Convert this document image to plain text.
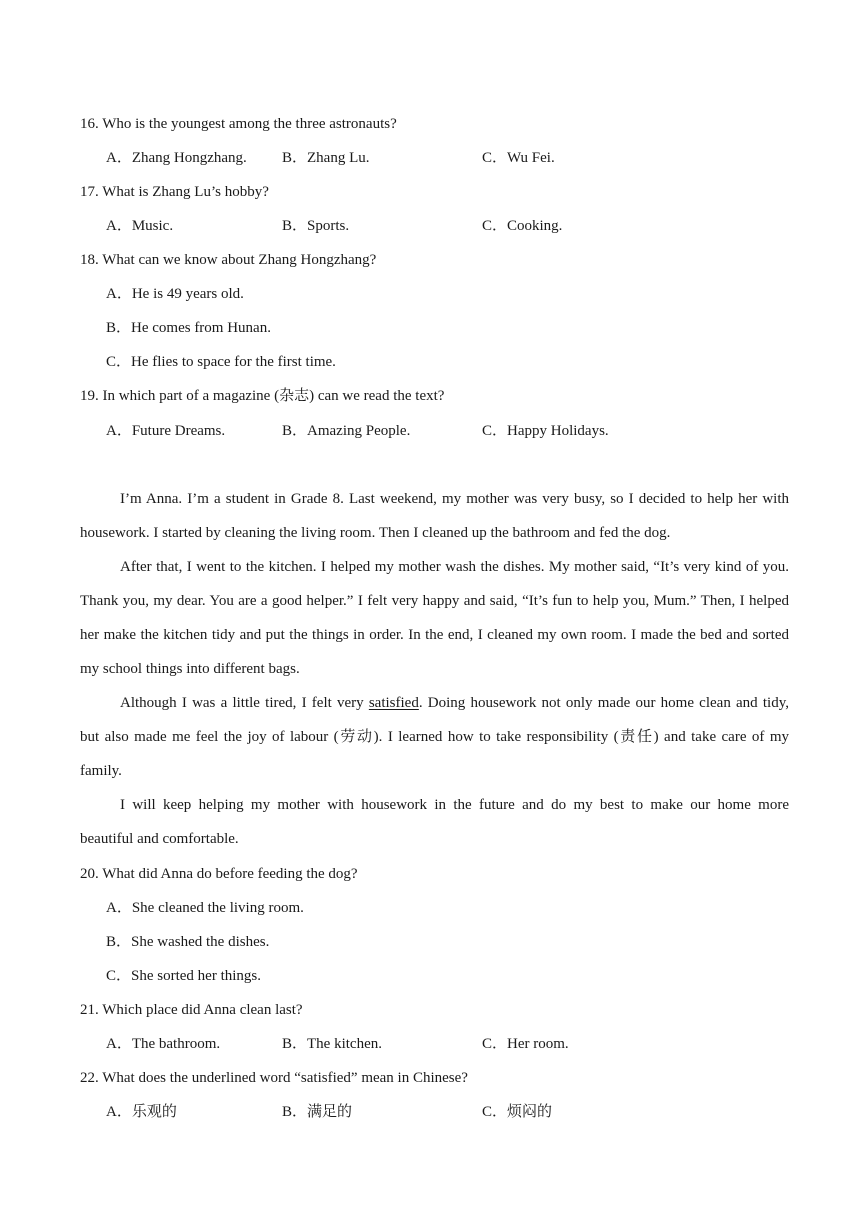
16. Who is the youngest among the three astronauts?
A．Zhang Hongzhang. B．Zhang Lu.	C．Wu Fei.
17. What is Zhang Lu’s hobby?
A．Music.	B．Sports.	C．Cooking.
18. What can we know about Zhang Hongzhang?
A．He is 49 years old.
B．He comes from Hunan.
C．He flies to space for the first time.
19. In which part of a magazine (杂志) can we read the text?
A．Future Dreams.	B．Amazing People.	C．Happy Holidays.
I’m Anna. I’m a student in Grade 8. Last weekend, my mother was very busy, so I decided to help her with
housework. I started by cleaning the living room. Then I cleaned up the bathroom and fed the dog.
After that, I went to the kitchen. I helped my mother wash the dishes. My mother said, “It’s very kind of you.
Thank you, my dear. You are a good helper.” I felt very happy and said, “It’s fun to help you, Mum.” Then, I helped
her make the kitchen tidy and put the things in order. In the end, I cleaned my own room. I made the bed and sorted
my school things into different bags.
Although I was a little tired, I felt very satisfied. Doing housework not only made our home clean and tidy,
but also made me feel the joy of labour (劳动). I learned how to take responsibility (责任) and take care of my
family.
I will keep helping my mother with housework in the future and do my best to make our home more
beautiful and comfortable.
20. What did Anna do before feeding the dog?
A．She cleaned the living room.
B．She washed the dishes.
C．She sorted her things.
21. Which place did Anna clean last?
A．The bathroom.	B．The kitchen.	C．Her room.
22. What does the underlined word “satisfied” mean in Chinese?
A．乐观的	B．满足的	C．烦闷的
